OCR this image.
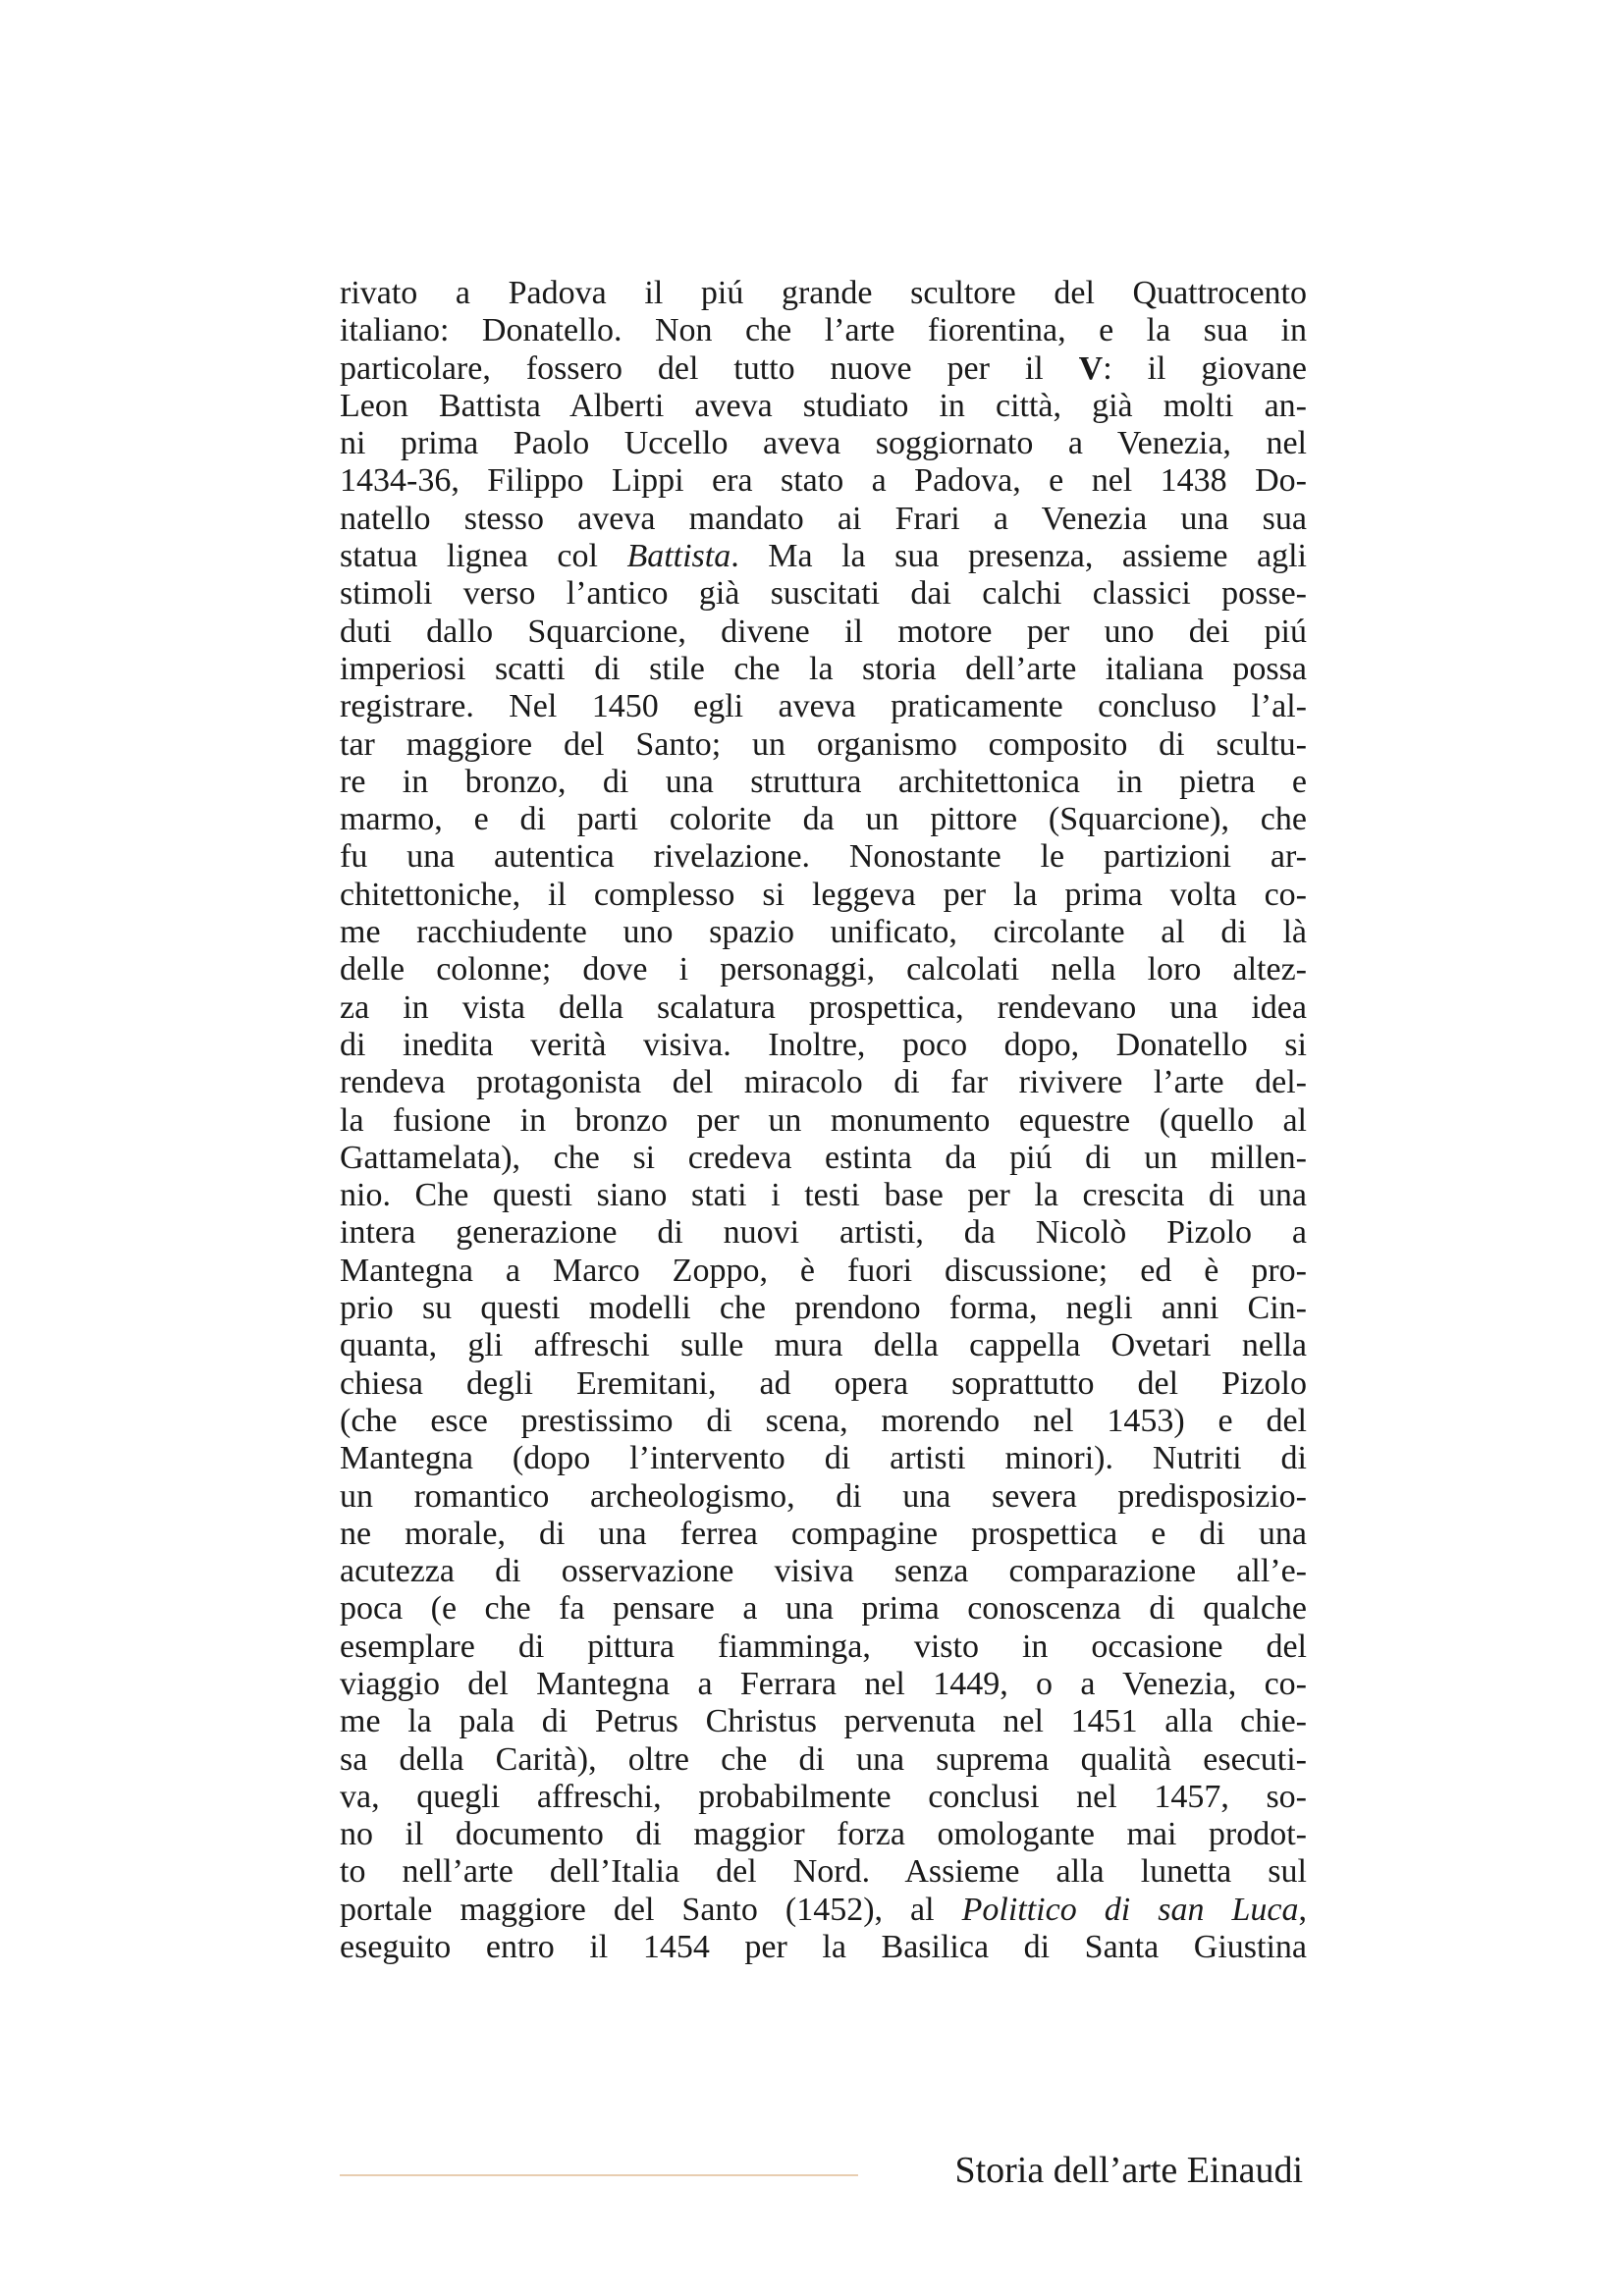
rivato a Padova il piú grande scultore del Quattrocento
italiano: Donatello. Non che l’arte fiorentina, e la sua in
particolare, fossero del tutto nuove per il V: il giovane
Leon Battista Alberti aveva studiato in città, già molti an-
ni prima Paolo Uccello aveva soggiornato a Venezia, nel
1434-36, Filippo Lippi era stato a Padova, e nel 1438 Do-
natello stesso aveva mandato ai Frari a Venezia una sua
statua lignea col Battista. Ma la sua presenza, assieme agli
stimoli verso l’antico già suscitati dai calchi classici posse-
duti dallo Squarcione, divene il motore per uno dei piú
imperiosi scatti di stile che la storia dell’arte italiana possa
registrare. Nel 1450 egli aveva praticamente concluso l’al-
tar maggiore del Santo; un organismo composito di scultu-
re in bronzo, di una struttura architettonica in pietra e
marmo, e di parti colorite da un pittore (Squarcione), che
fu una autentica rivelazione. Nonostante le partizioni ar-
chitettoniche, il complesso si leggeva per la prima volta co-
me racchiudente uno spazio unificato, circolante al di là
delle colonne; dove i personaggi, calcolati nella loro altez-
za in vista della scalatura prospettica, rendevano una idea
di inedita verità visiva. Inoltre, poco dopo, Donatello si
rendeva protagonista del miracolo di far rivivere l’arte del-
la fusione in bronzo per un monumento equestre (quello al
Gattamelata), che si credeva estinta da piú di un millen-
nio. Che questi siano stati i testi base per la crescita di una
intera generazione di nuovi artisti, da Nicolò Pizolo a
Mantegna a Marco Zoppo, è fuori discussione; ed è pro-
prio su questi modelli che prendono forma, negli anni Cin-
quanta, gli affreschi sulle mura della cappella Ovetari nella
chiesa degli Eremitani, ad opera soprattutto del Pizolo
(che esce prestissimo di scena, morendo nel 1453) e del
Mantegna (dopo l’intervento di artisti minori). Nutriti di
un romantico archeologismo, di una severa predisposizio-
ne morale, di una ferrea compagine prospettica e di una
acutezza di osservazione visiva senza comparazione all’e-
poca (e che fa pensare a una prima conoscenza di qualche
esemplare di pittura fiamminga, visto in occasione del
viaggio del Mantegna a Ferrara nel 1449, o a Venezia, co-
me la pala di Petrus Christus pervenuta nel 1451 alla chie-
sa della Carità), oltre che di una suprema qualità esecuti-
va, quegli affreschi, probabilmente conclusi nel 1457, so-
no il documento di maggior forza omologante mai prodot-
to nell’arte dell’Italia del Nord. Assieme alla lunetta sul
portale maggiore del Santo (1452), al Polittico di san Luca,
eseguito entro il 1454 per la Basilica di Santa Giustina
Storia dell’arte Einaudi
